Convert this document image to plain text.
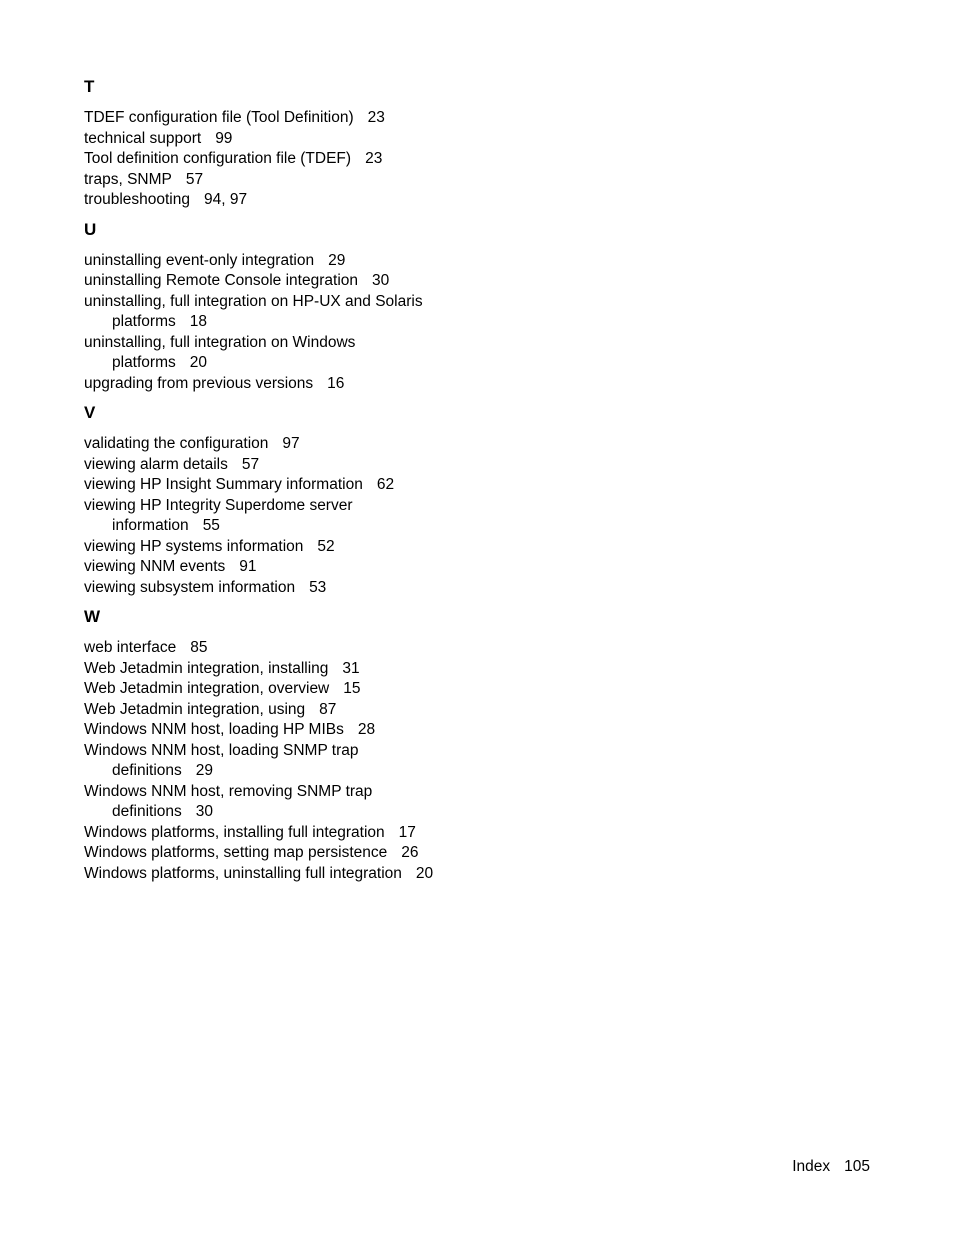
T
TDEF configuration file (Tool Definition) 23
technical support 99
Tool definition configuration file (TDEF) 23
traps, SNMP 57
troubleshooting 94, 97
U
uninstalling event-only integration 29
uninstalling Remote Console integration 30
uninstalling, full integration on HP-UX and Solaris
platforms 18
uninstalling, full integration on Windows
platforms 20
upgrading from previous versions 16
V
validating the configuration 97
viewing alarm details 57
viewing HP Insight Summary information 62
viewing HP Integrity Superdome server
information 55
viewing HP systems information 52
viewing NNM events 91
viewing subsystem information 53
W
web interface 85
Web Jetadmin integration, installing 31
Web Jetadmin integration, overview 15
Web Jetadmin integration, using 87
Windows NNM host, loading HP MIBs 28
Windows NNM host, loading SNMP trap
definitions 29
Windows NNM host, removing SNMP trap
definitions 30
Windows platforms, installing full integration 17
Windows platforms, setting map persistence 26
Windows platforms, uninstalling full integration 20
Index 105
